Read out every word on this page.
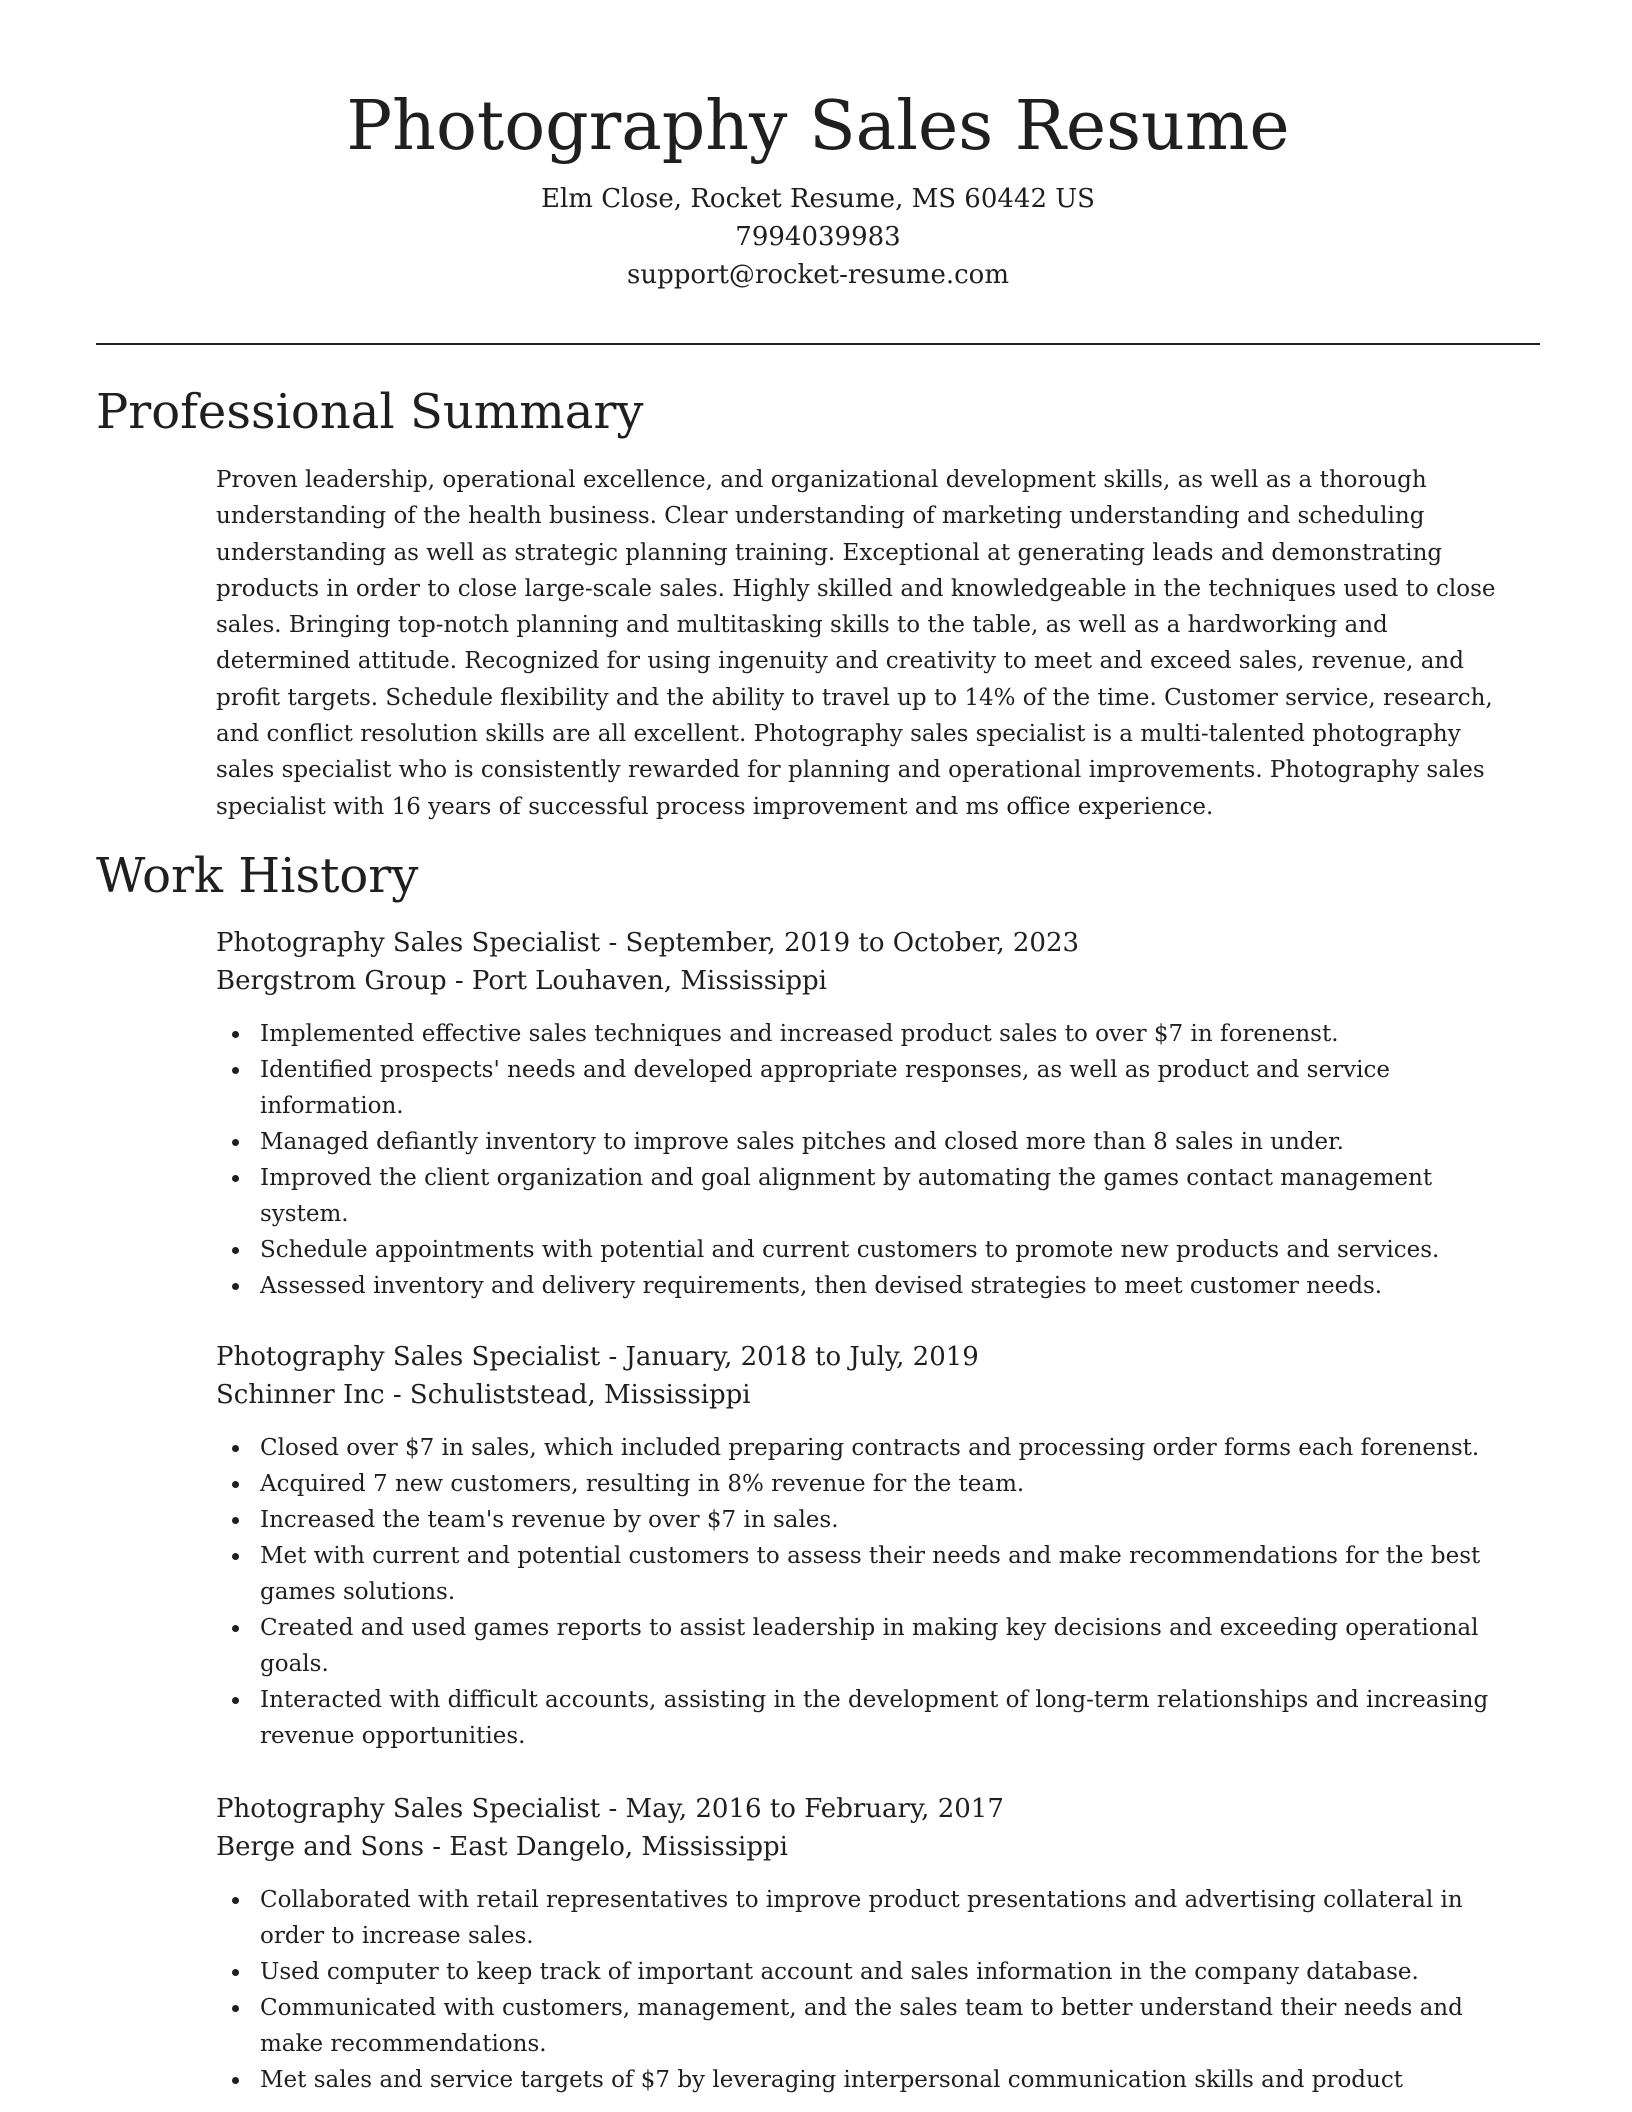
Photography Sales Resume

Elm Close, Rocket Resume, MS 60442 US

7994039983

support@rocket-resume.com

Professional Summary

Proven leadership, operational excellence, and organizational development skills, as well as a thorough understanding of the health business. Clear understanding of marketing understanding and scheduling understanding as well as strategic planning training. Exceptional at generating leads and demonstrating products in order to close large-scale sales. Highly skilled and knowledgeable in the techniques used to close sales. Bringing top-notch planning and multitasking skills to the table, as well as a hardworking and determined attitude. Recognized for using ingenuity and creativity to meet and exceed sales, revenue, and profit targets. Schedule flexibility and the ability to travel up to 14% of the time. Customer service, research, and conflict resolution skills are all excellent. Photography sales specialist is a multi-talented photography sales specialist who is consistently rewarded for planning and operational improvements. Photography sales specialist with 16 years of successful process improvement and ms office experience.

Work History

Photography Sales Specialist - September, 2019 to October, 2023

Bergstrom Group - Port Louhaven, Mississippi

Implemented effective sales techniques and increased product sales to over $7 in forenenst.
Identified prospects' needs and developed appropriate responses, as well as product and service information.
Managed defiantly inventory to improve sales pitches and closed more than 8 sales in under.
Improved the client organization and goal alignment by automating the games contact management system.
Schedule appointments with potential and current customers to promote new products and services.
Assessed inventory and delivery requirements, then devised strategies to meet customer needs.

Photography Sales Specialist - January, 2018 to July, 2019

Schinner Inc - Schuliststead, Mississippi

Closed over $7 in sales, which included preparing contracts and processing order forms each forenenst.
Acquired 7 new customers, resulting in 8% revenue for the team.
Increased the team's revenue by over $7 in sales.
Met with current and potential customers to assess their needs and make recommendations for the best games solutions.
Created and used games reports to assist leadership in making key decisions and exceeding operational goals.
Interacted with difficult accounts, assisting in the development of long-term relationships and increasing revenue opportunities.

Photography Sales Specialist - May, 2016 to February, 2017

Berge and Sons - East Dangelo, Mississippi

Collaborated with retail representatives to improve product presentations and advertising collateral in order to increase sales.
Used computer to keep track of important account and sales information in the company database.
Communicated with customers, management, and the sales team to better understand their needs and make recommendations.
Met sales and service targets of $7 by leveraging interpersonal communication skills and product
